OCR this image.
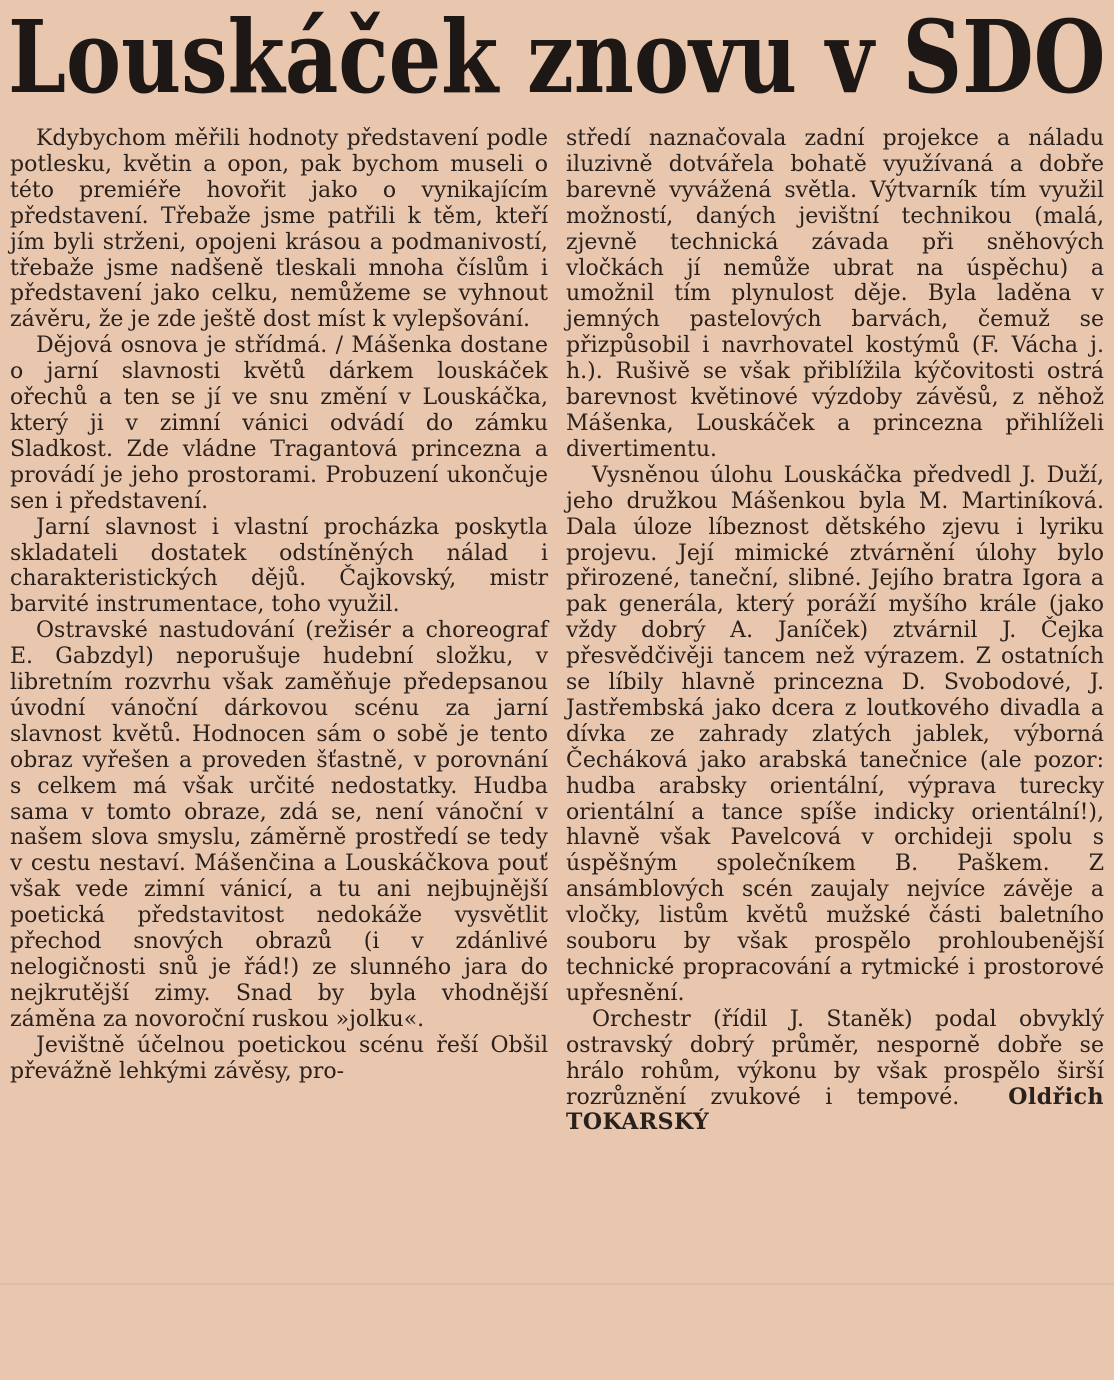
Louskáček znovu v SDO

Kdybychom měřili hodnoty představení podle potlesku, květin a opon, pak bychom museli o této premiéře hovořit jako o vynikajícím představení. Třebaže jsme patřili k těm, kteří jím byli strženi, opojeni krásou a podmanivostí, třebaže jsme nadšeně tleskali mnoha číslům i představení jako celku, nemůžeme se vyhnout závěru, že je zde ještě dost míst k vylepšování.

Dějová osnova je střídmá. / Mášenka dostane o jarní slavnosti květů dárkem louskáček ořechů a ten se jí ve snu změní v Louskáčka, který ji v zimní vánici odvádí do zámku Sladkost. Zde vládne Tragantová princezna a provádí je jeho prostorami. Probuzení ukončuje sen i představení.

Jarní slavnost i vlastní procházka poskytla skladateli dostatek odstíněných nálad i charakteristických dějů. Čajkovský, mistr barvité instrumentace, toho využil.

Ostravské nastudování (režisér a choreograf E. Gabzdyl) neporušuje hudební složku, v libretním rozvrhu však zaměňuje předepsanou úvodní vánoční dárkovou scénu za jarní slavnost květů. Hodnocen sám o sobě je tento obraz vyřešen a proveden šťastně, v porovnání s celkem má však určité nedostatky. Hudba sama v tomto obraze, zdá se, není vánoční v našem slova smyslu, záměrně prostředí se tedy v cestu nestaví. Mášenčina a Louskáčkova pouť však vede zimní vánicí, a tu ani nejbujnější poetická představitost nedokáže vysvětlit přechod snových obrazů (i v zdánlivé nelogičnosti snů je řád!) ze slunného jara do nejkrutější zimy. Snad by byla vhodnější záměna za novoroční ruskou »jolku«.

Jevištně účelnou poetickou scénu řeší Obšil převážně lehkými závěsy, pro-

středí naznačovala zadní projekce a náladu iluzivně dotvářela bohatě využívaná a dobře barevně vyvážená světla. Výtvarník tím využil možností, daných jevištní technikou (malá, zjevně technická závada při sněhových vločkách jí nemůže ubrat na úspěchu) a umožnil tím plynulost děje. Byla laděna v jemných pastelových barvách, čemuž se přizpůsobil i navrhovatel kostýmů (F. Vácha j. h.). Rušivě se však přiblížila kýčovitosti ostrá barevnost květinové výzdoby závěsů, z něhož Mášenka, Louskáček a princezna přihlíželi divertimentu.

Vysněnou úlohu Louskáčka předvedl J. Duží, jeho družkou Mášenkou byla M. Martiníková. Dala úloze líbeznost dětského zjevu i lyriku projevu. Její mimické ztvárnění úlohy bylo přirozené, taneční, slibné. Jejího bratra Igora a pak generála, který poráží myšího krále (jako vždy dobrý A. Janíček) ztvárnil J. Čejka přesvědčivěji tancem než výrazem. Z ostatních se líbily hlavně princezna D. Svobodové, J. Jastřembská jako dcera z loutkového divadla a dívka ze zahrady zlatých jablek, výborná Čecháková jako arabská tanečnice (ale pozor: hudba arabsky orientální, výprava turecky orientální a tance spíše indicky orientální!), hlavně však Pavelcová v orchideji spolu s úspěšným společníkem B. Paškem. Z ansámblových scén zaujaly nejvíce závěje a vločky, listům květů mužské části baletního souboru by však prospělo prohloubenější technické propracování a rytmické i prostorové upřesnění.

Orchestr (řídil J. Staněk) podal obvyklý ostravský dobrý průměr, nesporně dobře se hrálo rohům, výkonu by však prospělo širší rozrůznění zvukové i tempové. Oldřich TOKARSKÝ
